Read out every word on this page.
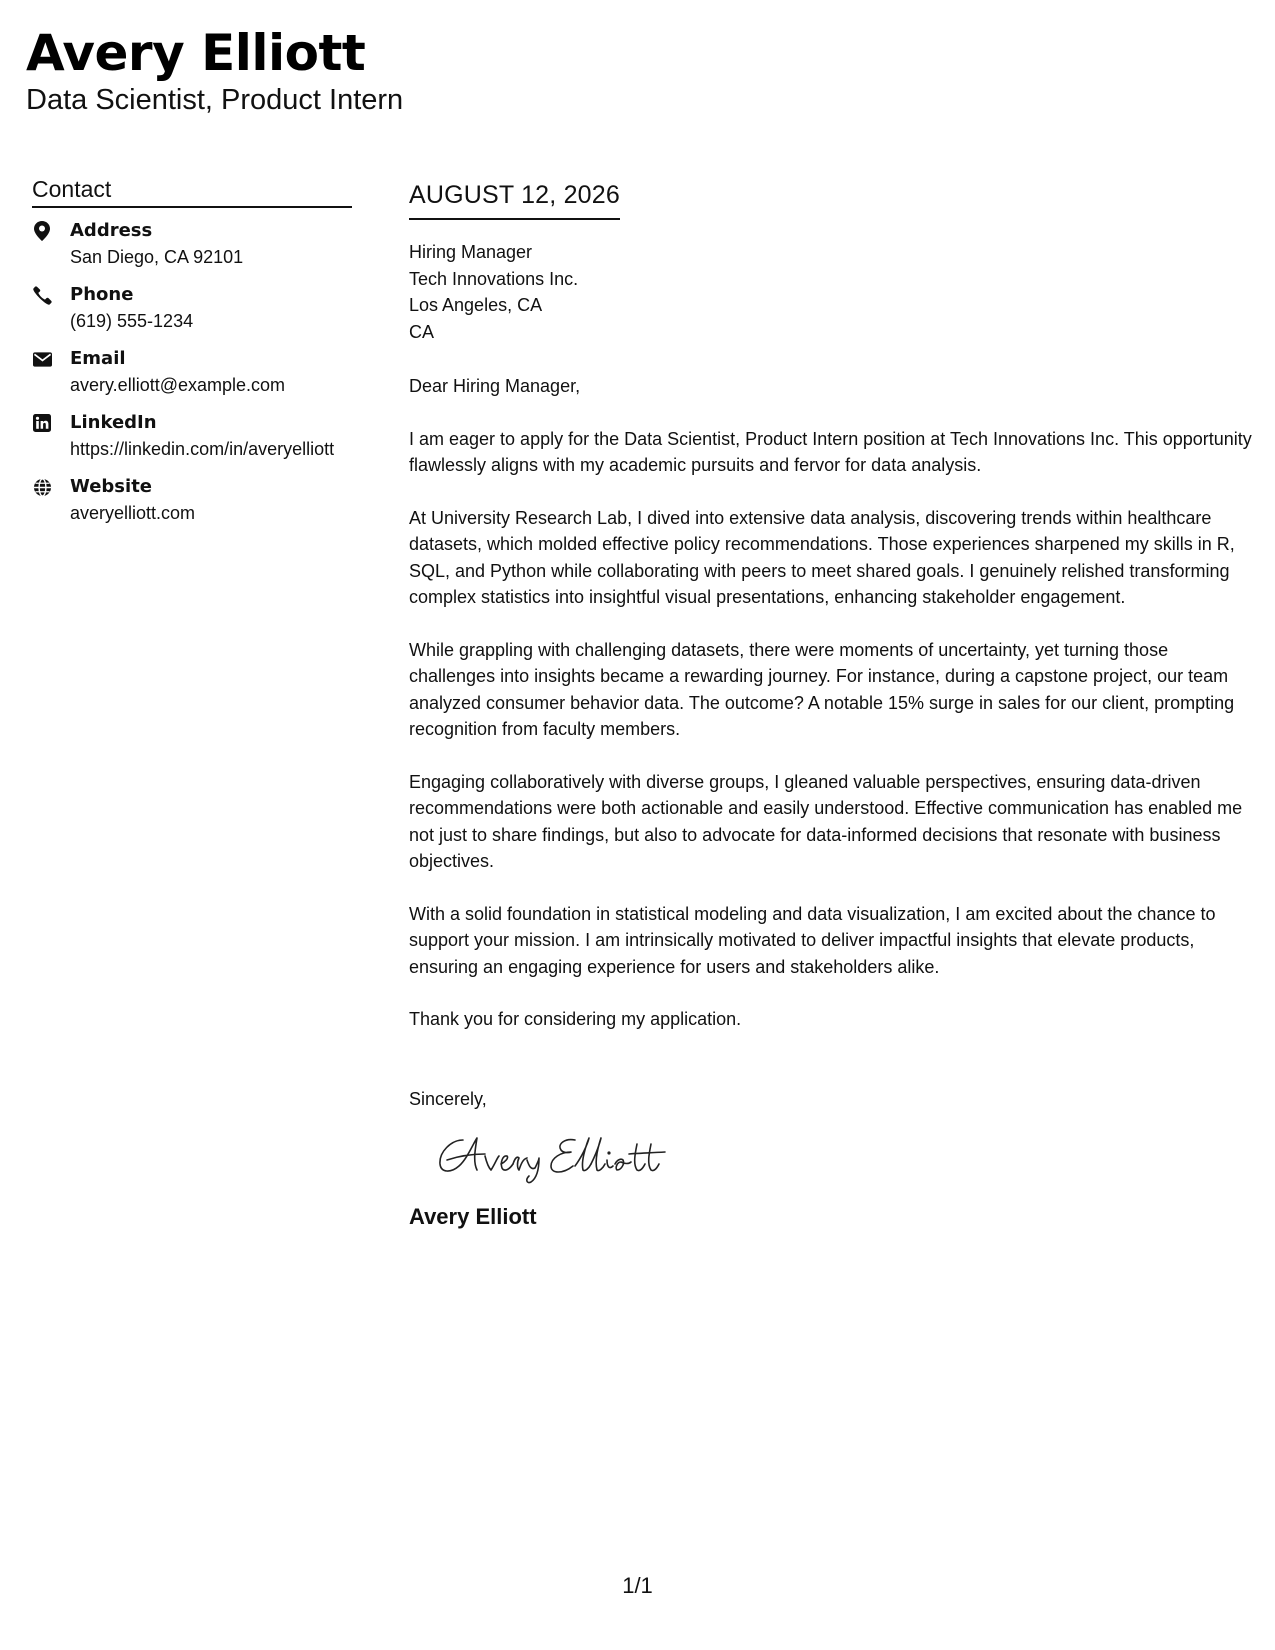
Avery Elliott
Data Scientist, Product Intern
Contact
Address
San Diego, CA 92101
Phone
(619) 555-1234
Email
avery.elliott@example.com
LinkedIn
https://linkedin.com/in/averyelliott
Website
averyelliott.com
AUGUST 12, 2026
Hiring Manager
Tech Innovations Inc.
Los Angeles, CA
CA
Dear Hiring Manager,

I am eager to apply for the Data Scientist, Product Intern position at Tech Innovations Inc. This opportunity flawlessly aligns with my academic pursuits and fervor for data analysis.

At University Research Lab, I dived into extensive data analysis, discovering trends within healthcare datasets, which molded effective policy recommendations. Those experiences sharpened my skills in R, SQL, and Python while collaborating with peers to meet shared goals. I genuinely relished transforming complex statistics into insightful visual presentations, enhancing stakeholder engagement.

While grappling with challenging datasets, there were moments of uncertainty, yet turning those challenges into insights became a rewarding journey. For instance, during a capstone project, our team analyzed consumer behavior data. The outcome? A notable 15% surge in sales for our client, prompting recognition from faculty members.

Engaging collaboratively with diverse groups, I gleaned valuable perspectives, ensuring data-driven recommendations were both actionable and easily understood. Effective communication has enabled me not just to share findings, but also to advocate for data-informed decisions that resonate with business objectives.

With a solid foundation in statistical modeling and data visualization, I am excited about the chance to support your mission. I am intrinsically motivated to deliver impactful insights that elevate products, ensuring an engaging experience for users and stakeholders alike.

Thank you for considering my application.

Sincerely,
Avery Elliott
1/1
